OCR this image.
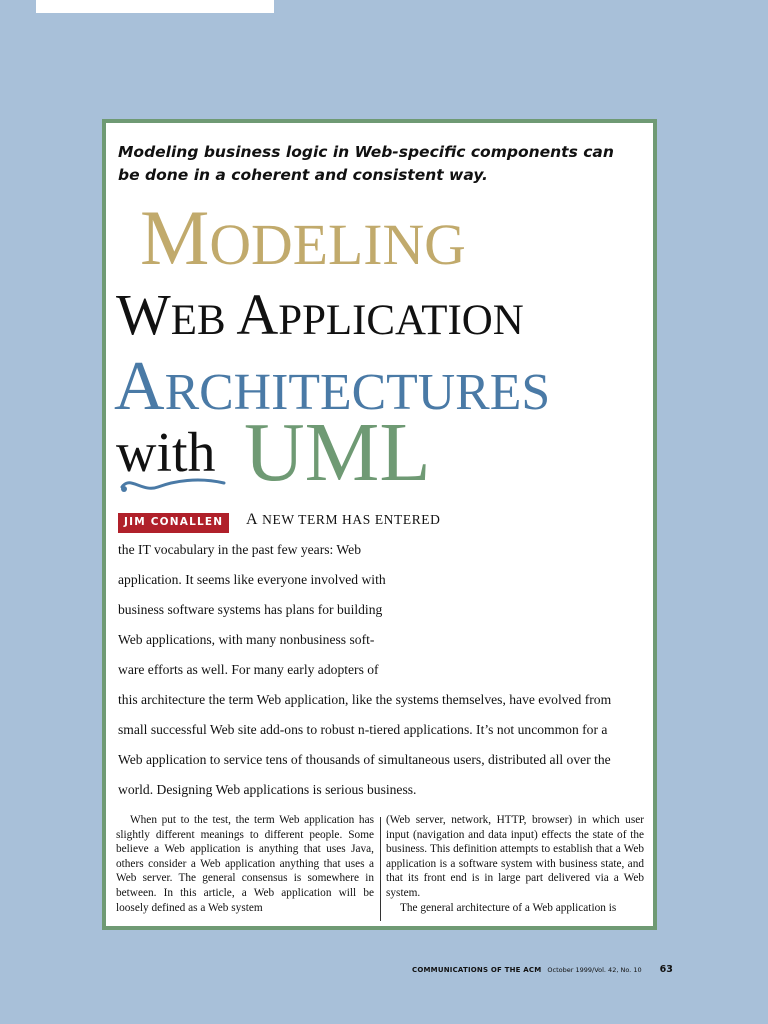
Modeling business logic in Web-specific components can be done in a coherent and consistent way.
MODELING
WEB APPLICATION
ARCHITECTURES
with UML
JIM CONALLEN	A NEW TERM HAS ENTERED
the IT vocabulary in the past few years: Web
application. It seems like everyone involved with
business software systems has plans for building
Web applications, with many nonbusiness soft-
ware efforts as well. For many early adopters of
this architecture the term Web application, like the systems themselves, have evolved from
small successful Web site add-ons to robust n-tiered applications. It’s not uncommon for a
Web application to service tens of thousands of simultaneous users, distributed all over the
world. Designing Web applications is serious business.

When put to the test, the term Web application has slightly different meanings to different people. Some believe a Web application is anything that uses Java, others consider a Web application anything that uses a Web server. The general consensus is somewhere in between. In this article, a Web application will be loosely defined as a Web system

(Web server, network, HTTP, browser) in which user input (navigation and data input) effects the state of the business. This definition attempts to establish that a Web application is a software system with business state, and that its front end is in large part delivered via a Web system.

The general architecture of a Web application is

COMMUNICATIONS OF THE ACM October 1999/Vol. 42, No. 10 63
